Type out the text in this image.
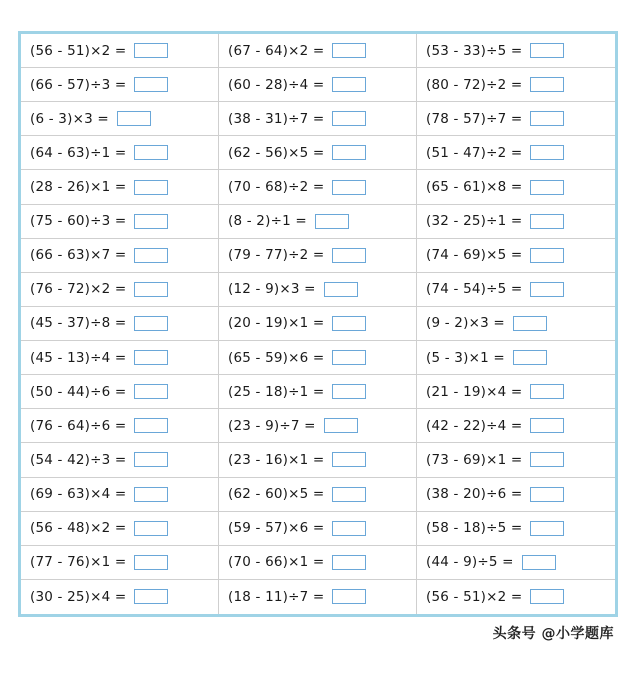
(56 - 51)×2 =	(67 - 64)×2 =	(53 - 33)÷5 =
(66 - 57)÷3 =	(60 - 28)÷4 =	(80 - 72)÷2 =
(6 - 3)×3 =	(38 - 31)÷7 =	(78 - 57)÷7 =
(64 - 63)÷1 =	(62 - 56)×5 =	(51 - 47)÷2 =
(28 - 26)×1 =	(70 - 68)÷2 =	(65 - 61)×8 =
(75 - 60)÷3 =	(8 - 2)÷1 =	(32 - 25)÷1 =
(66 - 63)×7 =	(79 - 77)÷2 =	(74 - 69)×5 =
(76 - 72)×2 =	(12 - 9)×3 =	(74 - 54)÷5 =
(45 - 37)÷8 =	(20 - 19)×1 =	(9 - 2)×3 =
(45 - 13)÷4 =	(65 - 59)×6 =	(5 - 3)×1 =
(50 - 44)÷6 =	(25 - 18)÷1 =	(21 - 19)×4 =
(76 - 64)÷6 =	(23 - 9)÷7 =	(42 - 22)÷4 =
(54 - 42)÷3 =	(23 - 16)×1 =	(73 - 69)×1 =
(69 - 63)×4 =	(62 - 60)×5 =	(38 - 20)÷6 =
(56 - 48)×2 =	(59 - 57)×6 =	(58 - 18)÷5 =
(77 - 76)×1 =	(70 - 66)×1 =	(44 - 9)÷5 =
(30 - 25)×4 =	(18 - 11)÷7 =	(56 - 51)×2 =
头条号 @小学题库
